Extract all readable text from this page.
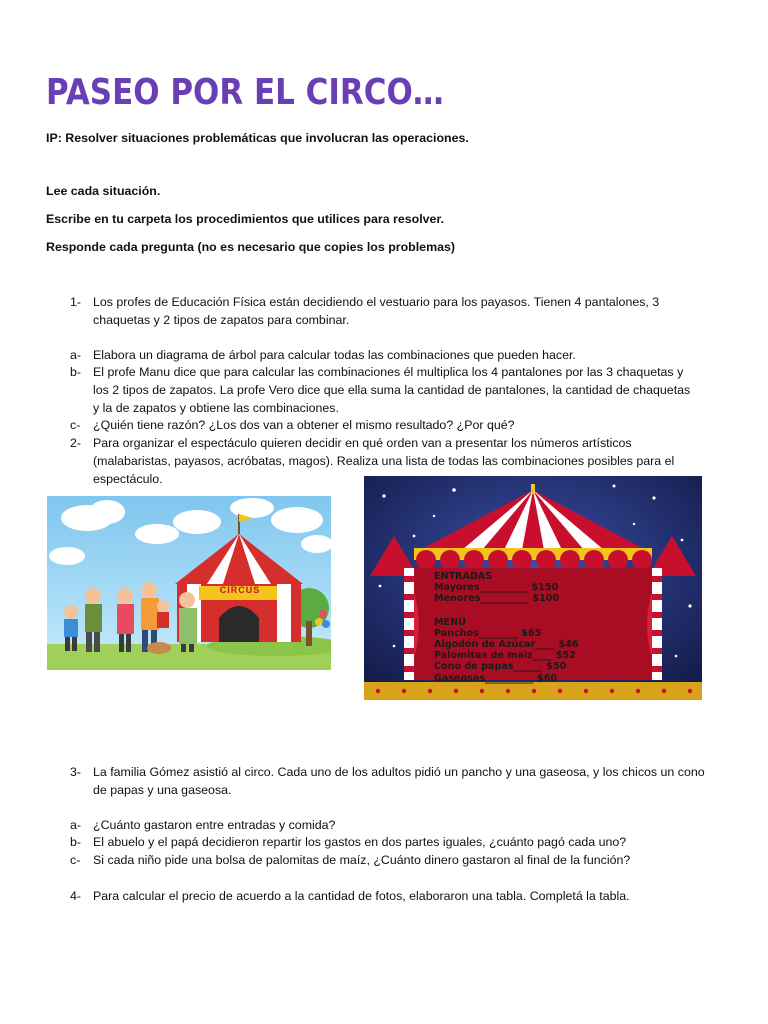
PASEO POR EL CIRCO…
IP: Resolver situaciones problemáticas que involucran las operaciones.
Lee cada situación.
Escribe en tu carpeta los procedimientos que utilices para resolver.
Responde cada pregunta (no es necesario que copies los problemas)
1- Los profes de Educación Física están decidiendo el vestuario para los payasos. Tienen 4 pantalones, 3
chaquetas y 2 tipos de zapatos para combinar.
a- Elabora un diagrama de árbol para calcular todas las combinaciones que pueden hacer.
b- El profe Manu dice que para calcular las combinaciones él multiplica los 4 pantalones por las 3 chaquetas y
los 2 tipos de zapatos. La profe Vero dice que ella suma la cantidad de pantalones, la cantidad de chaquetas
y la de zapatos y obtiene las combinaciones.
c- ¿Quién tiene razón? ¿Los dos van a obtener el mismo resultado? ¿Por qué?
2- Para organizar el espectáculo quieren decidir en qué orden van a presentar los números artísticos
(malabaristas, payasos, acróbatas, magos). Realiza una lista de todas las combinaciones posibles para el
espectáculo.
CIRCUS
ENTRADAS
Mayores__________ $150
Menores__________ $100
MENÚ
Panchos________ $65
Algodón de Azúcar____ $46
Palomitas de maiz____ $52
Cono de papas______ $50
Gaseosas__________ $60
3- La familia Gómez asistió al circo. Cada uno de los adultos pidió un pancho y una gaseosa, y los chicos un cono
de papas y una gaseosa.
a- ¿Cuánto gastaron entre entradas y comida?
b- El abuelo y el papá decidieron repartir los gastos en dos partes iguales, ¿cuánto pagó cada uno?
c- Si cada niño pide una bolsa de palomitas de maíz, ¿Cuánto dinero gastaron al final de la función?
4- Para calcular el precio de acuerdo a la cantidad de fotos, elaboraron una tabla. Completá la tabla.
